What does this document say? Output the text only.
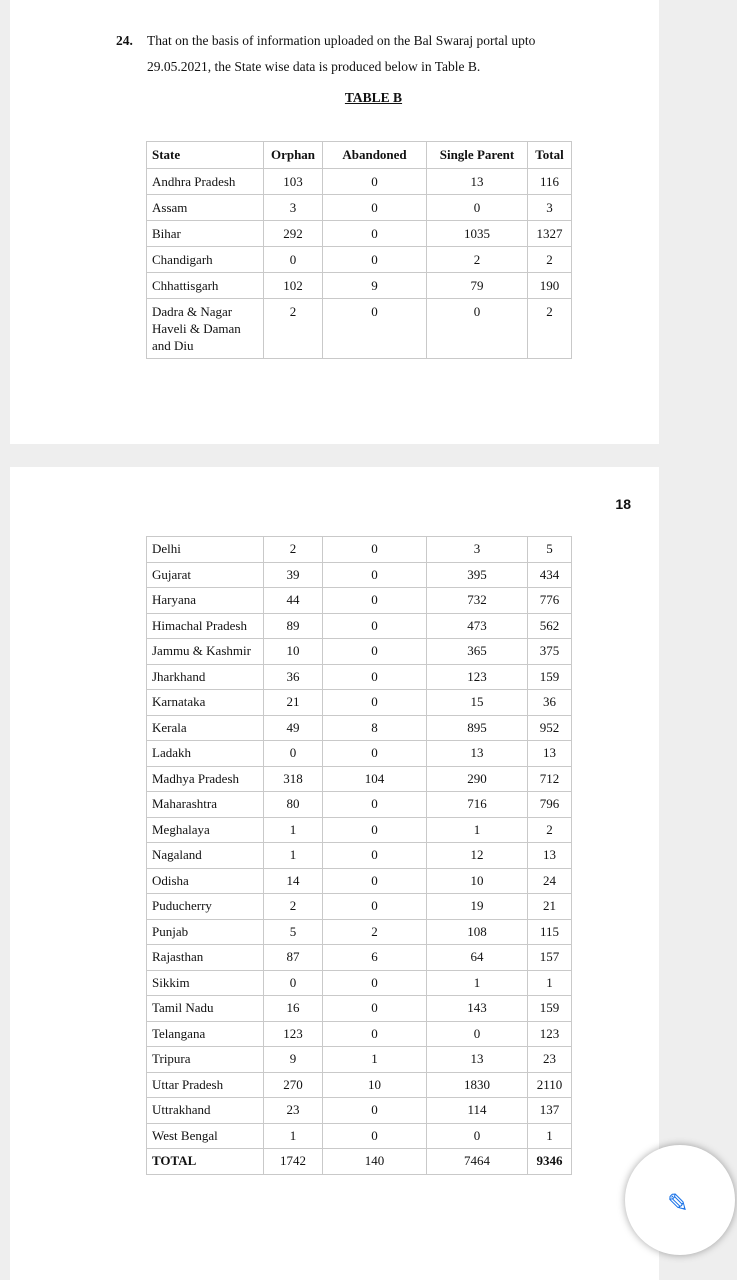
24. That on the basis of information uploaded on the Bal Swaraj portal upto
29.05.2021, the State wise data is produced below in Table B.
TABLE B
State	Orphan	Abandoned	Single Parent	Total
Andhra Pradesh	103	0	13	116
Assam	3	0	0	3
Bihar	292	0	1035	1327
Chandigarh	0	0	2	2
Chhattisgarh	102	9	79	190
Dadra & Nagar Haveli & Daman and Diu	2	0	0	2
Delhi	2	0	3	5
Gujarat	39	0	395	434
Haryana	44	0	732	776
Himachal Pradesh	89	0	473	562
Jammu & Kashmir	10	0	365	375
Jharkhand	36	0	123	159
Karnataka	21	0	15	36
Kerala	49	8	895	952
Ladakh	0	0	13	13
Madhya Pradesh	318	104	290	712
Maharashtra	80	0	716	796
Meghalaya	1	0	1	2
Nagaland	1	0	12	13
Odisha	14	0	10	24
Puducherry	2	0	19	21
Punjab	5	2	108	115
Rajasthan	87	6	64	157
Sikkim	0	0	1	1
Tamil Nadu	16	0	143	159
Telangana	123	0	0	123
Tripura	9	1	13	23
Uttar Pradesh	270	10	1830	2110
Uttrakhand	23	0	114	137
West Bengal	1	0	0	1
TOTAL	1742	140	7464	9346
18
✎
